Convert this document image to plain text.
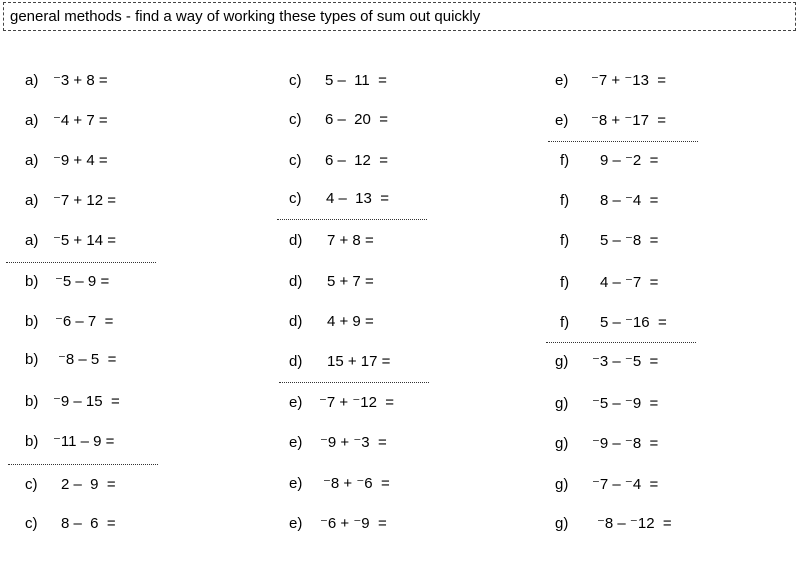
general methods - find a way of working these types of sum out quickly
a) ⁻3 + 8 =
a) ⁻4 + 7 =
a) ⁻9 + 4 =
a) ⁻7 + 12 =
a) ⁻5 + 14 =
b) ⁻5 – 9 =
b) ⁻6 – 7  =
b) ⁻8 – 5  =
b) ⁻9 – 15  =
b) ⁻11 – 9 =
c) 2 –  9  =
c) 8 –  6  =
c) 5 –  11  =
c) 6 –  20  =
c) 6 –  12  =
c) 4 –  13  =
d) 7 + 8 =
d) 5 + 7 =
d) 4 + 9 =
d) 15 + 17 =
e) ⁻7 + ⁻12  =
e) ⁻9 + ⁻3  =
e) ⁻8 + ⁻6  =
e) ⁻6 + ⁻9  =
e) ⁻7 + ⁻13  =
e) ⁻8 + ⁻17  =
f) 9 – ⁻2  =
f) 8 – ⁻4  =
f) 5 – ⁻8  =
f) 4 – ⁻7  =
f) 5 – ⁻16  =
g) ⁻3 – ⁻5  =
g) ⁻5 – ⁻9  =
g) ⁻9 – ⁻8  =
g) ⁻7 – ⁻4  =
g) ⁻8 – ⁻12  =
